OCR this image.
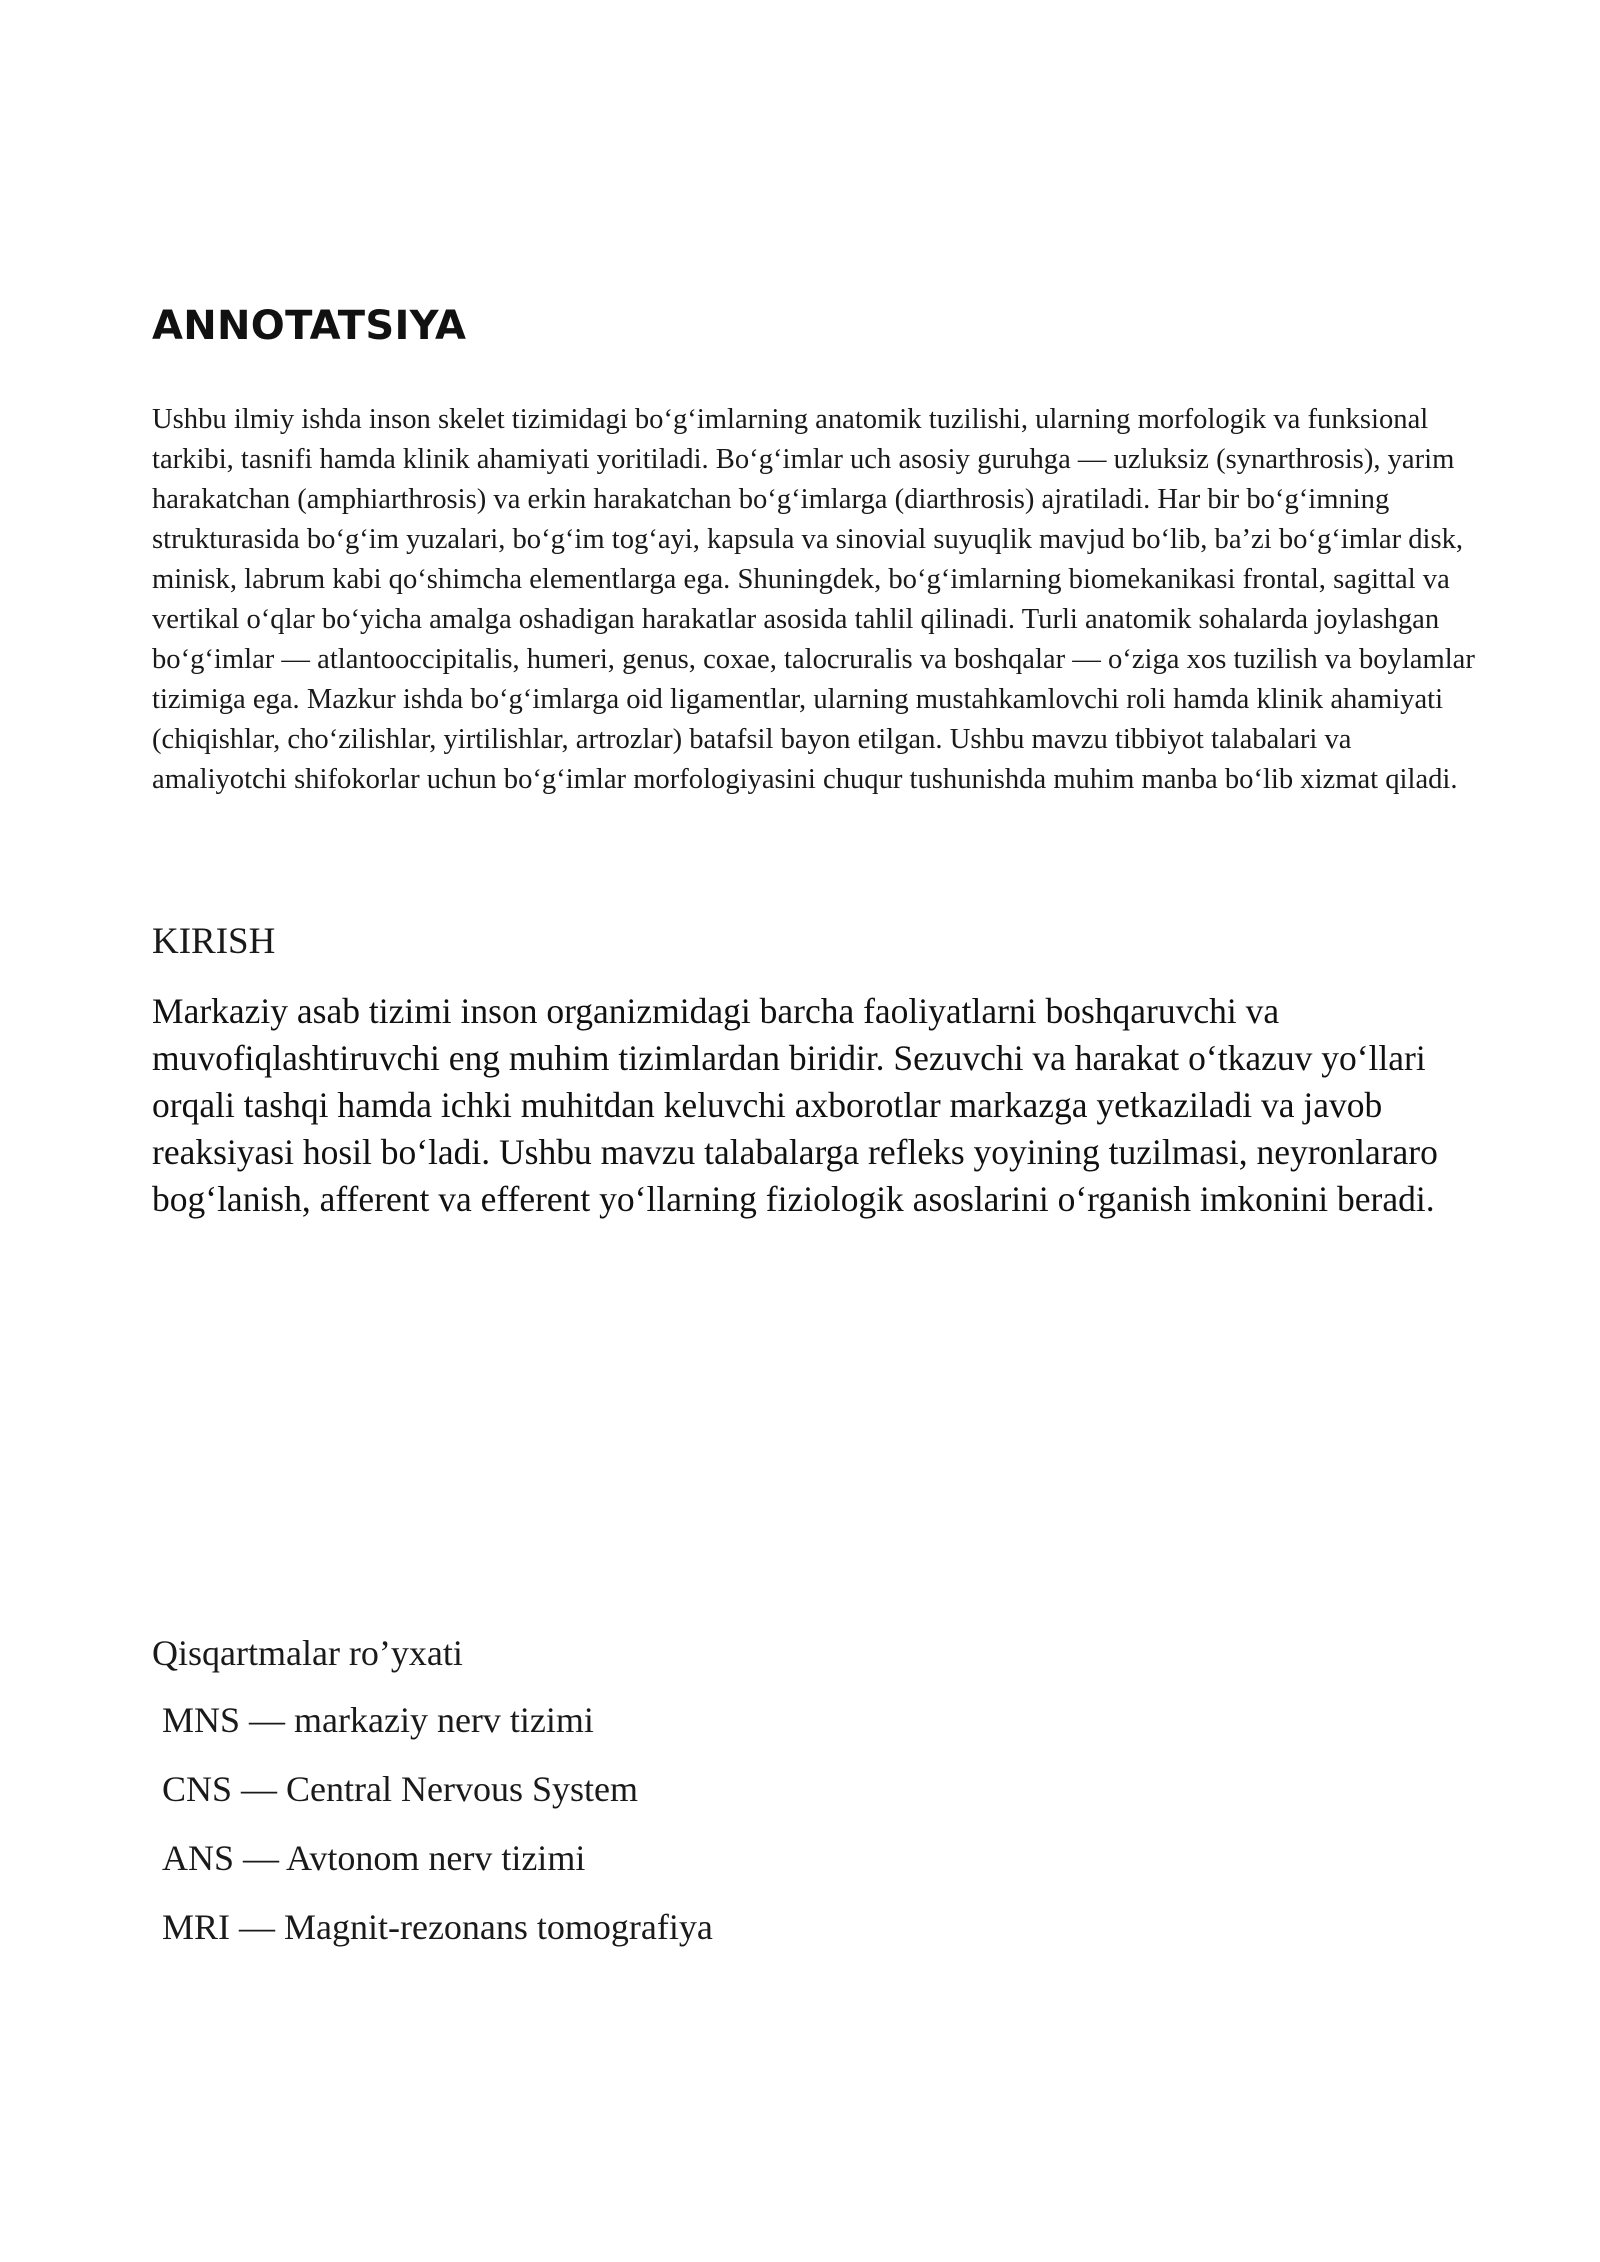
ANNOTATSIYA

Ushbu ilmiy ishda inson skelet tizimidagi bo‘g‘imlarning anatomik tuzilishi, ularning morfologik va funksional tarkibi, tasnifi hamda klinik ahamiyati yoritiladi. Bo‘g‘imlar uch asosiy guruhga — uzluksiz (synarthrosis), yarim harakatchan (amphiarthrosis) va erkin harakatchan bo‘g‘imlarga (diarthrosis) ajratiladi. Har bir bo‘g‘imning strukturasida bo‘g‘im yuzalari, bo‘g‘im tog‘ayi, kapsula va sinovial suyuqlik mavjud bo‘lib, ba’zi bo‘g‘imlar disk, minisk, labrum kabi qo‘shimcha elementlarga ega. Shuningdek, bo‘g‘imlarning biomekanikasi frontal, sagittal va vertikal o‘qlar bo‘yicha amalga oshadigan harakatlar asosida tahlil qilinadi. Turli anatomik sohalarda joylashgan bo‘g‘imlar — atlantooccipitalis, humeri, genus, coxae, talocruralis va boshqalar — o‘ziga xos tuzilish va boylamlar tizimiga ega. Mazkur ishda bo‘g‘imlarga oid ligamentlar, ularning mustahkamlovchi roli hamda klinik ahamiyati (chiqishlar, cho‘zilishlar, yirtilishlar, artrozlar) batafsil bayon etilgan. Ushbu mavzu tibbiyot talabalari va amaliyotchi shifokorlar uchun bo‘g‘imlar morfologiyasini chuqur tushunishda muhim manba bo‘lib xizmat qiladi.

KIRISH

Markaziy asab tizimi inson organizmidagi barcha faoliyatlarni boshqaruvchi va muvofiqlashtiruvchi eng muhim tizimlardan biridir. Sezuvchi va harakat o‘tkazuv yo‘llari orqali tashqi hamda ichki muhitdan keluvchi axborotlar markazga yetkaziladi va javob reaksiyasi hosil bo‘ladi. Ushbu mavzu talabalarga refleks yoyining tuzilmasi, neyronlararo bog‘lanish, afferent va efferent yo‘llarning fiziologik asoslarini o‘rganish imkonini beradi.

Qisqartmalar ro’yxati
MNS — markaziy nerv tizimi
CNS — Central Nervous System
ANS — Avtonom nerv tizimi
MRI — Magnit-rezonans tomografiya
